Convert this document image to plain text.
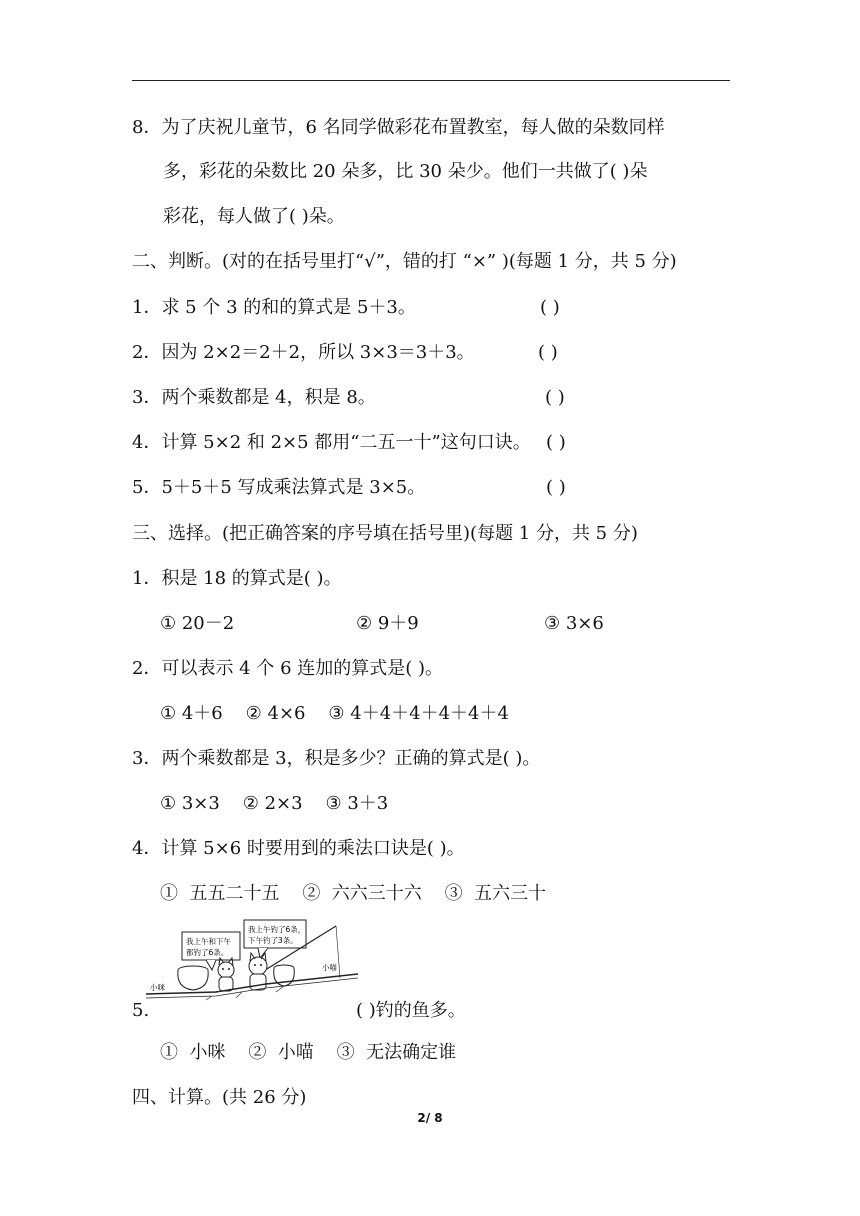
8．为了庆祝儿童节，6 名同学做彩花布置教室，每人做的朵数同样
多，彩花的朵数比 20 朵多，比 30 朵少。他们一共做了( )朵
彩花，每人做了( )朵。
二、判断。(对的在括号里打“√”，错的打 “×” )(每题 1 分，共 5 分)
1．求 5 个 3 的和的算式是 5＋3。	( )
2．因为 2×2＝2＋2，所以 3×3＝3＋3。	( )
3．两个乘数都是 4，积是 8。	( )
4．计算 5×2 和 2×5 都用“二五一十”这句口诀。 ( )
5．5＋5＋5 写成乘法算式是 3×5。	( )
三、选择。(把正确答案的序号填在括号里)(每题 1 分，共 5 分)
1．积是 18 的算式是( )。
① 20－2	② 9＋9	③ 3×6
2．可以表示 4 个 6 连加的算式是( )。
① 4＋6    ② 4×6    ③ 4＋4＋4＋4＋4＋4
3．两个乘数都是 3，积是多少？正确的算式是( )。
① 3×3    ② 2×3    ③ 3＋3
4．计算 5×6 时要用到的乘法口诀是( )。
①  五五二十五    ②  六六三十六    ③  五六三十
我上午和下午
都钓了6条。
我上午钓了6条，
下午钓了3条。
小咪
小喵
5.	( )钓的鱼多。
①  小咪    ②  小喵    ③  无法确定谁
四、计算。(共 26 分)
2/ 8
